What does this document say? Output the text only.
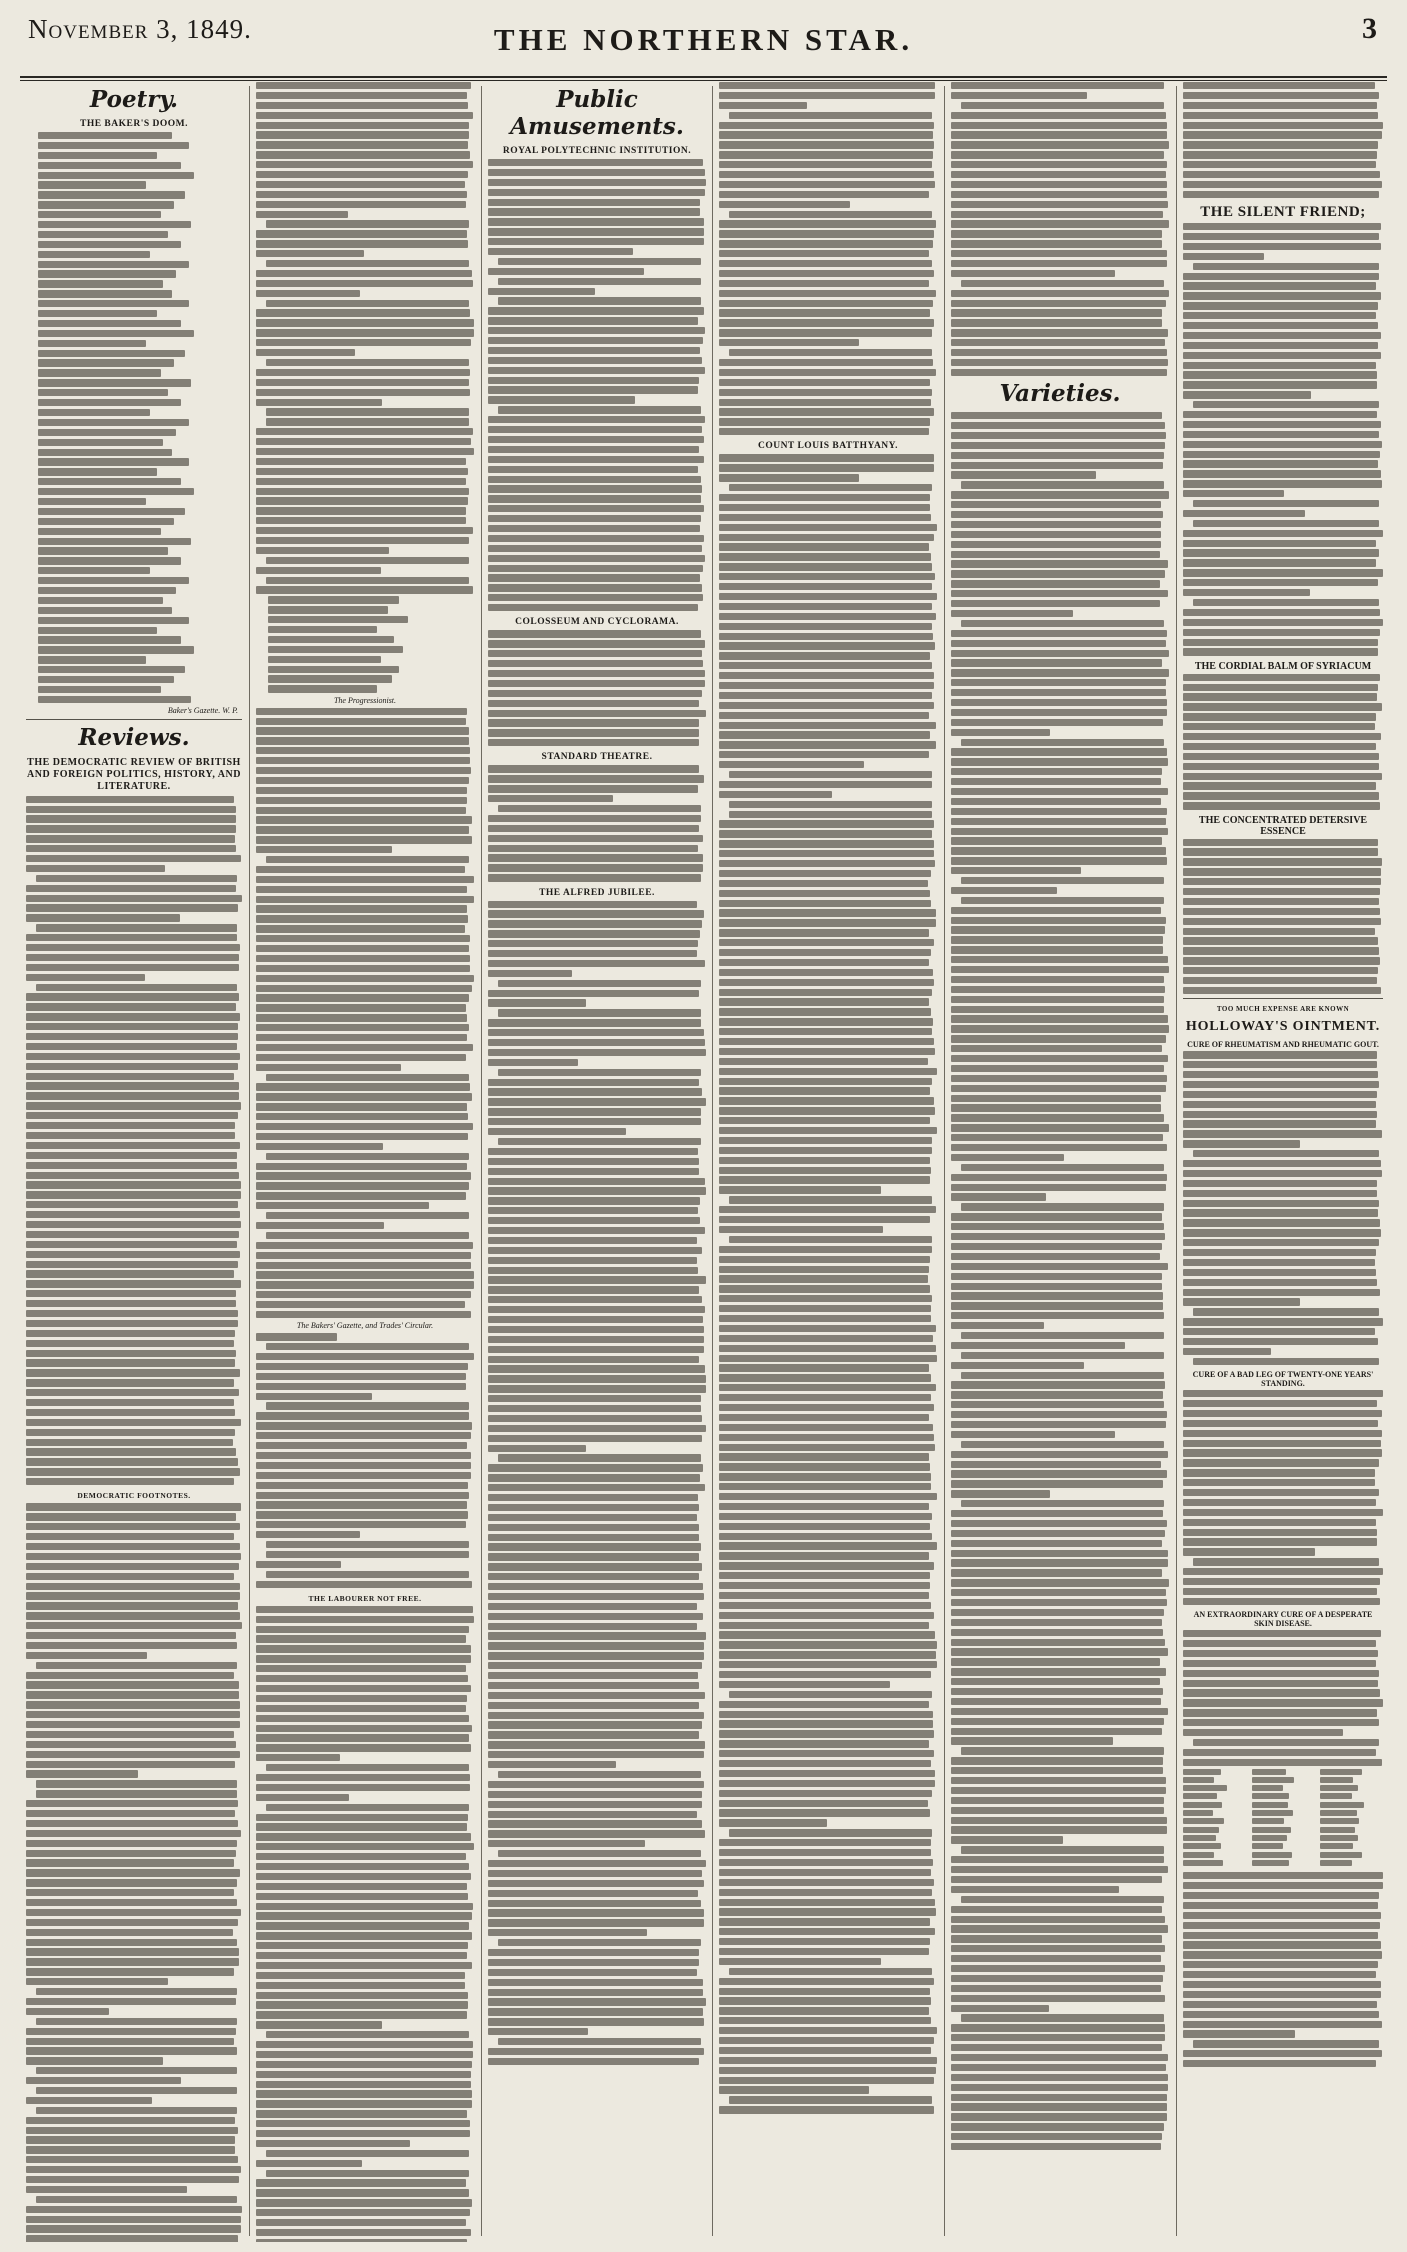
November 3, 1849.	THE NORTHERN STAR.	3
Poetry.
THE BAKER'S DOOM.
Baker's Gazette. W. P.
Reviews.
THE DEMOCRATIC REVIEW OF BRITISH AND FOREIGN POLITICS, HISTORY, AND LITERATURE.
DEMOCRATIC FOOTNOTES.
The Progressionist.
The Bakers' Gazette, and Trades' Circular.
THE LABOURER NOT FREE.
Public Amusements.
ROYAL POLYTECHNIC INSTITUTION.
COLOSSEUM AND CYCLORAMA.
STANDARD THEATRE.
THE ALFRED JUBILEE.
COUNT LOUIS BATTHYANY.
Varieties.
THE SILENT FRIEND;
THE CORDIAL BALM OF SYRIACUM
THE CONCENTRATED DETERSIVE ESSENCE
TOO MUCH EXPENSE ARE KNOWN
HOLLOWAY'S OINTMENT.
CURE OF RHEUMATISM AND RHEUMATIC GOUT.
CURE OF A BAD LEG OF TWENTY-ONE YEARS' STANDING.
AN EXTRAORDINARY CURE OF A DESPERATE SKIN DISEASE.
